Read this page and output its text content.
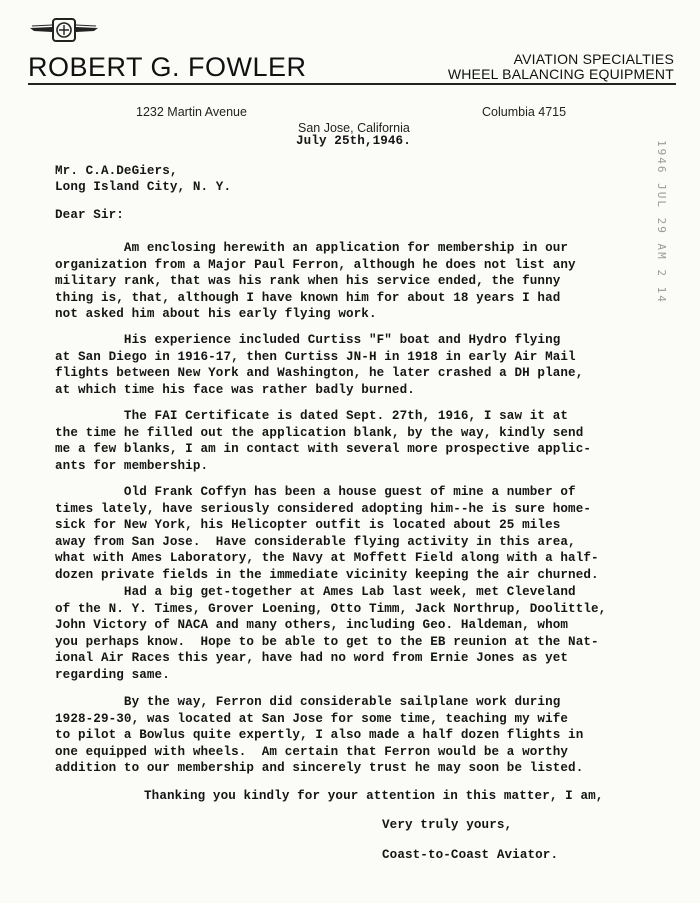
ROBERT G. FOWLER	AVIATION SPECIALTIES
WHEEL BALANCING EQUIPMENT
1232 Martin Avenue	Columbia 4715
San Jose, California
July 25th,1946.
Mr. C.A.DeGiers,
Long Island City, N. Y.
Dear Sir:
Am enclosing herewith an application for membership in our
organization from a Major Paul Ferron, although he does not list any
military rank, that was his rank when his service ended, the funny
thing is, that, although I have known him for about 18 years I had
not asked him about his early flying work.
His experience included Curtiss "F" boat and Hydro flying
at San Diego in 1916-17, then Curtiss JN-H in 1918 in early Air Mail
flights between New York and Washington, he later crashed a DH plane,
at which time his face was rather badly burned.
The FAI Certificate is dated Sept. 27th, 1916, I saw it at
the time he filled out the application blank, by the way, kindly send
me a few blanks, I am in contact with several more prospective applic-
ants for membership.
Old Frank Coffyn has been a house guest of mine a number of
times lately, have seriously considered adopting him--he is sure home-
sick for New York, his Helicopter outfit is located about 25 miles
away from San Jose.  Have considerable flying activity in this area,
what with Ames Laboratory, the Navy at Moffett Field along with a half-
dozen private fields in the immediate vicinity keeping the air churned.
Had a big get-together at Ames Lab last week, met Cleveland
of the N. Y. Times, Grover Loening, Otto Timm, Jack Northrup, Doolittle,
John Victory of NACA and many others, including Geo. Haldeman, whom
you perhaps know.  Hope to be able to get to the EB reunion at the Nat-
ional Air Races this year, have had no word from Ernie Jones as yet
regarding same.
By the way, Ferron did considerable sailplane work during
1928-29-30, was located at San Jose for some time, teaching my wife
to pilot a Bowlus quite expertly, I also made a half dozen flights in
one equipped with wheels.  Am certain that Ferron would be a worthy
addition to our membership and sincerely trust he may soon be listed.
Thanking you kindly for your attention in this matter, I am,
Very truly yours,
Coast-to-Coast Aviator.
1946 JUL 29 AM 2 14
